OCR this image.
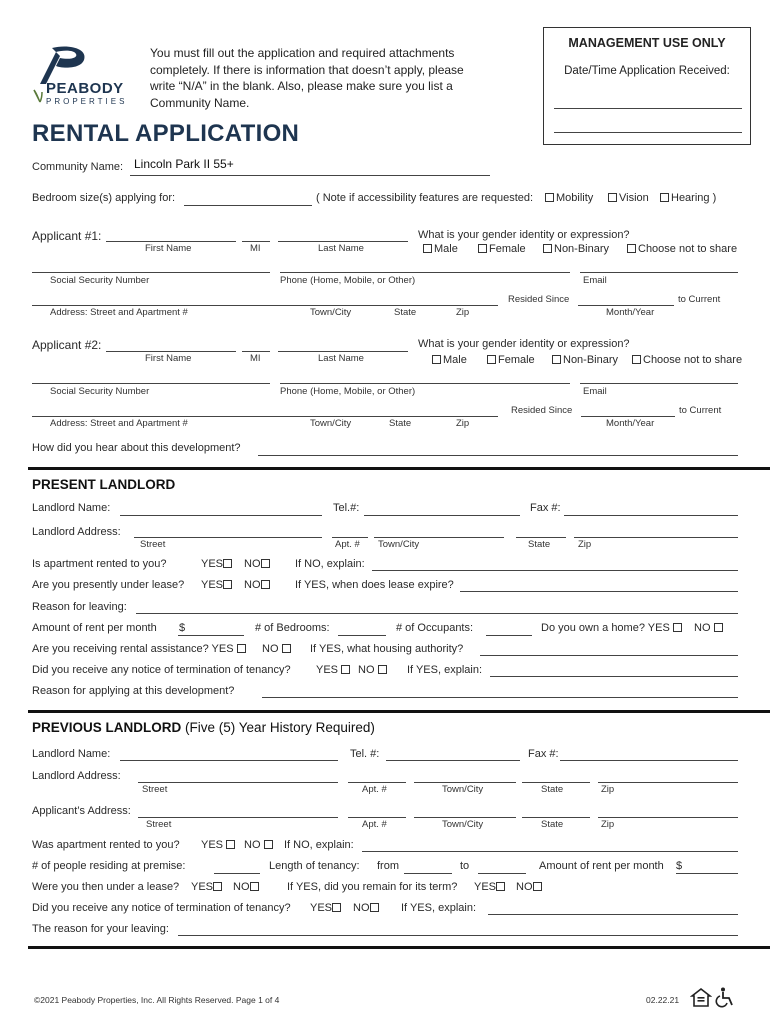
PEABODY
PROPERTIES
You must fill out the application and required attachments
completely. If there is information that doesn’t apply, please
write “N/A” in the blank. Also, please make sure you list a
Community Name.
MANAGEMENT USE ONLY
Date/Time Application Received:
RENTAL APPLICATION
Community Name: Lincoln Park II 55+
Bedroom size(s) applying for:	( Note if accessibility features are requested:	Mobility	Vision	Hearing )
Applicant #1:
First Name	MI	Last Name
What is your gender identity or expression?
Male	Female	Non-Binary	Choose not to share
Social Security Number	Phone (Home, Mobile, or Other)	Email
Resided Since	to Current
Address: Street and Apartment #	Town/City	State	Zip	Month/Year
Applicant #2:
First Name	MI	Last Name
What is your gender identity or expression?
Male	Female	Non-Binary	Choose not to share
Social Security Number	Phone (Home, Mobile, or Other)	Email
Resided Since	to Current
Address: Street and Apartment #	Town/City	State	Zip	Month/Year
How did you hear about this development?
PRESENT LANDLORD
Landlord Name:	Tel.#:	Fax #:
Landlord Address:
Street	Apt. # Town/City	State	Zip
Is apartment rented to you?	YES	NO	If NO, explain:
Are you presently under lease? YES	NO	If YES, when does lease expire?
Reason for leaving:
Amount of rent per month $	# of Bedrooms:	# of Occupants:	Do you own a home? YES	NO
Are you receiving rental assistance? YES	NO	If YES, what housing authority?
Did you receive any notice of termination of tenancy? YES	NO	If YES, explain:
Reason for applying at this development?
PREVIOUS LANDLORD (Five (5) Year History Required)
Landlord Name:	Tel. #:	Fax #:
Landlord Address:
Street	Apt. #	Town/City	State	Zip
Applicant’s Address:
Street	Apt. #	Town/City	State	Zip
Was apartment rented to you? YES	NO	If NO, explain:
# of people residing at premise:	Length of tenancy: from	to	Amount of rent per month $
Were you then under a lease? YES	NO	If YES, did you remain for its term? YES	NO
Did you receive any notice of termination of tenancy? YES	NO	If YES, explain:
The reason for your leaving:
©2021 Peabody Properties, Inc. All Rights Reserved. Page 1 of 4	02.22.21
